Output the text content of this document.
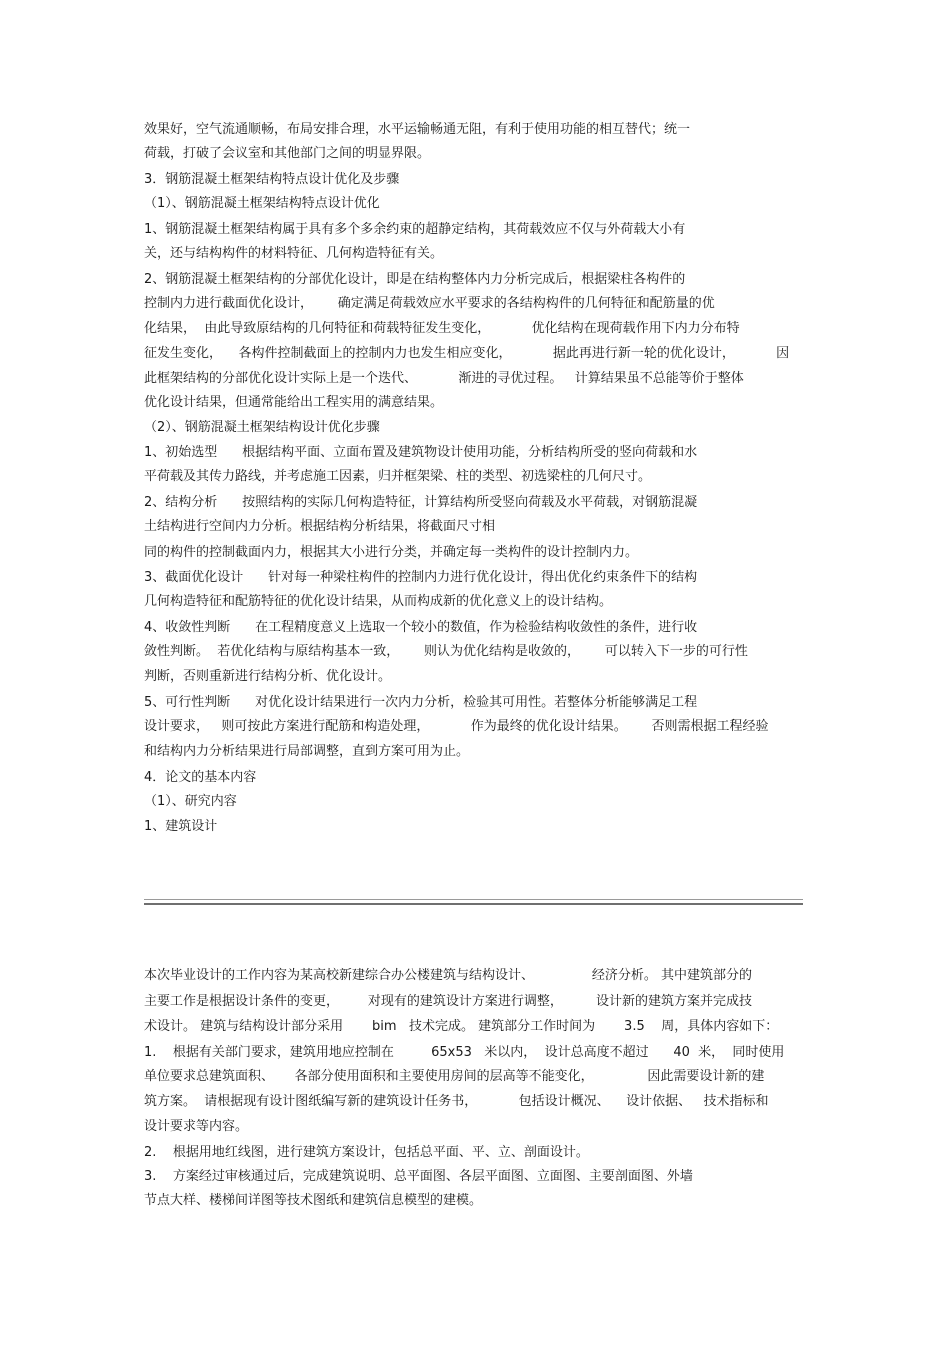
效果好，空气流通顺畅，布局安排合理，水平运输畅通无阻，有利于使用功能的相互替代；统一
荷载，打破了会议室和其他部门之间的明显界限。
3．钢筋混凝土框架结构特点设计优化及步骤
（1）、钢筋混凝土框架结构特点设计优化
1、钢筋混凝土框架结构属于具有多个多余约束的超静定结构，其荷载效应不仅与外荷载大小有
关，还与结构构件的材料特征、几何构造特征有关。
2、钢筋混凝土框架结构的分部优化设计，即是在结构整体内力分析完成后，根据梁柱各构件的
控制内力进行截面优化设计，      确定满足荷载效应水平要求的各结构构件的几何特征和配筋量的优
化结果，  由此导致原结构的几何特征和荷载特征发生变化，          优化结构在现荷载作用下内力分布特
征发生变化，    各构件控制截面上的控制内力也发生相应变化，          据此再进行新一轮的优化设计，          因
此框架结构的分部优化设计实际上是一个迭代、          渐进的寻优过程。   计算结果虽不总能等价于整体
优化设计结果，但通常能给出工程实用的满意结果。
（2）、钢筋混凝土框架结构设计优化步骤
1、初始选型      根据结构平面、立面布置及建筑物设计使用功能，分析结构所受的竖向荷载和水
平荷载及其传力路线，并考虑施工因素，归并框架梁、柱的类型、初选梁柱的几何尺寸。
2、结构分析      按照结构的实际几何构造特征，计算结构所受竖向荷载及水平荷载，对钢筋混凝
土结构进行空间内力分析。根据结构分析结果，将截面尺寸相
同的构件的控制截面内力，根据其大小进行分类，并确定每一类构件的设计控制内力。
3、截面优化设计      针对每一种梁柱构件的控制内力进行优化设计，得出优化约束条件下的结构
几何构造特征和配筋特征的优化设计结果，从而构成新的优化意义上的设计结构。
4、收敛性判断      在工程精度意义上选取一个较小的数值，作为检验结构收敛性的条件，进行收
敛性判断。  若优化结构与原结构基本一致，      则认为优化结构是收敛的，      可以转入下一步的可行性
判断，否则重新进行结构分析、优化设计。
5、可行性判断      对优化设计结果进行一次内力分析，检验其可用性。若整体分析能够满足工程
设计要求，   则可按此方案进行配筋和构造处理，          作为最终的优化设计结果。      否则需根据工程经验
和结构内力分析结果进行局部调整，直到方案可用为止。
4．论文的基本内容
（1）、研究内容
1、建筑设计
本次毕业设计的工作内容为某高校新建综合办公楼建筑与结构设计、              经济分析。 其中建筑部分的
主要工作是根据设计条件的变更，       对现有的建筑设计方案进行调整，        设计新的建筑方案并完成技
术设计。 建筑与结构设计部分采用       bim   技术完成。 建筑部分工作时间为       3.5    周，具体内容如下：
1.    根据有关部门要求，建筑用地应控制在         65x53   米以内，  设计总高度不超过      40  米，  同时使用
单位要求总建筑面积、     各部分使用面积和主要使用房间的层高等不能变化，             因此需要设计新的建
筑方案。  请根据现有设计图纸编写新的建筑设计任务书，          包括设计概况、    设计依据、   技术指标和
设计要求等内容。
2.    根据用地红线图，进行建筑方案设计，包括总平面、平、立、剖面设计。
3.    方案经过审核通过后，完成建筑说明、总平面图、各层平面图、立面图、主要剖面图、外墙
节点大样、楼梯间详图等技术图纸和建筑信息模型的建模。
